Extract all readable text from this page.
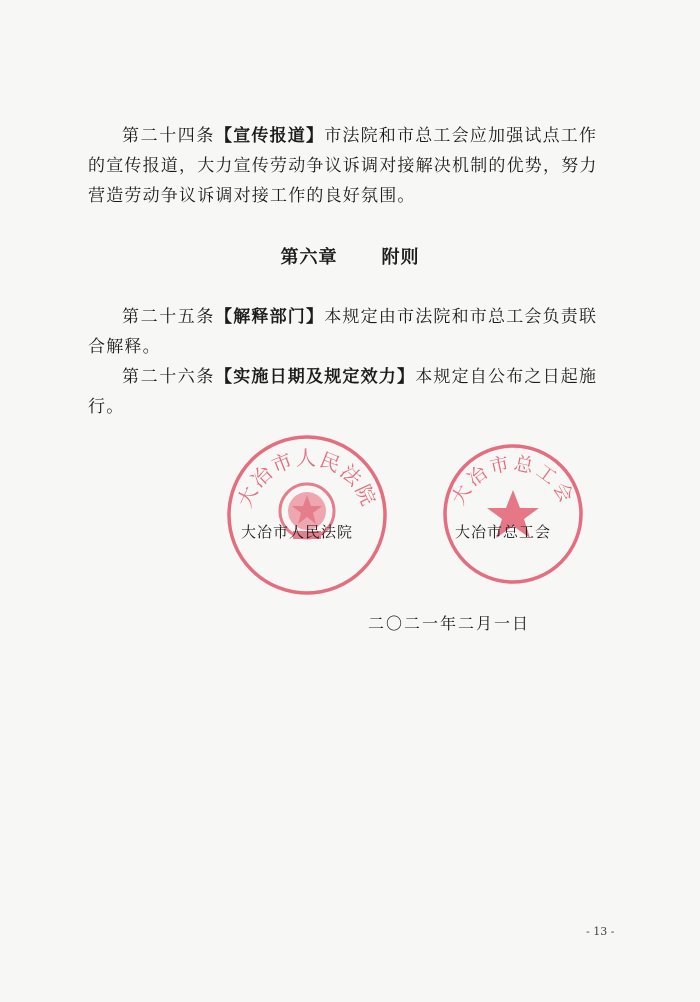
第二十四条【宣传报道】市法院和市总工会应加强试点工作的宣传报道，大力宣传劳动争议诉调对接解决机制的优势，努力营造劳动争议诉调对接工作的良好氛围。

第六章 附则

第二十五条【解释部门】本规定由市法院和市总工会负责联合解释。

第二十六条【实施日期及规定效力】本规定自公布之日起施行。

大冶市人民法院
大冶市人民法院
大冶市总工会
大冶市总工会
二〇二一年二月一日
- 13 -
